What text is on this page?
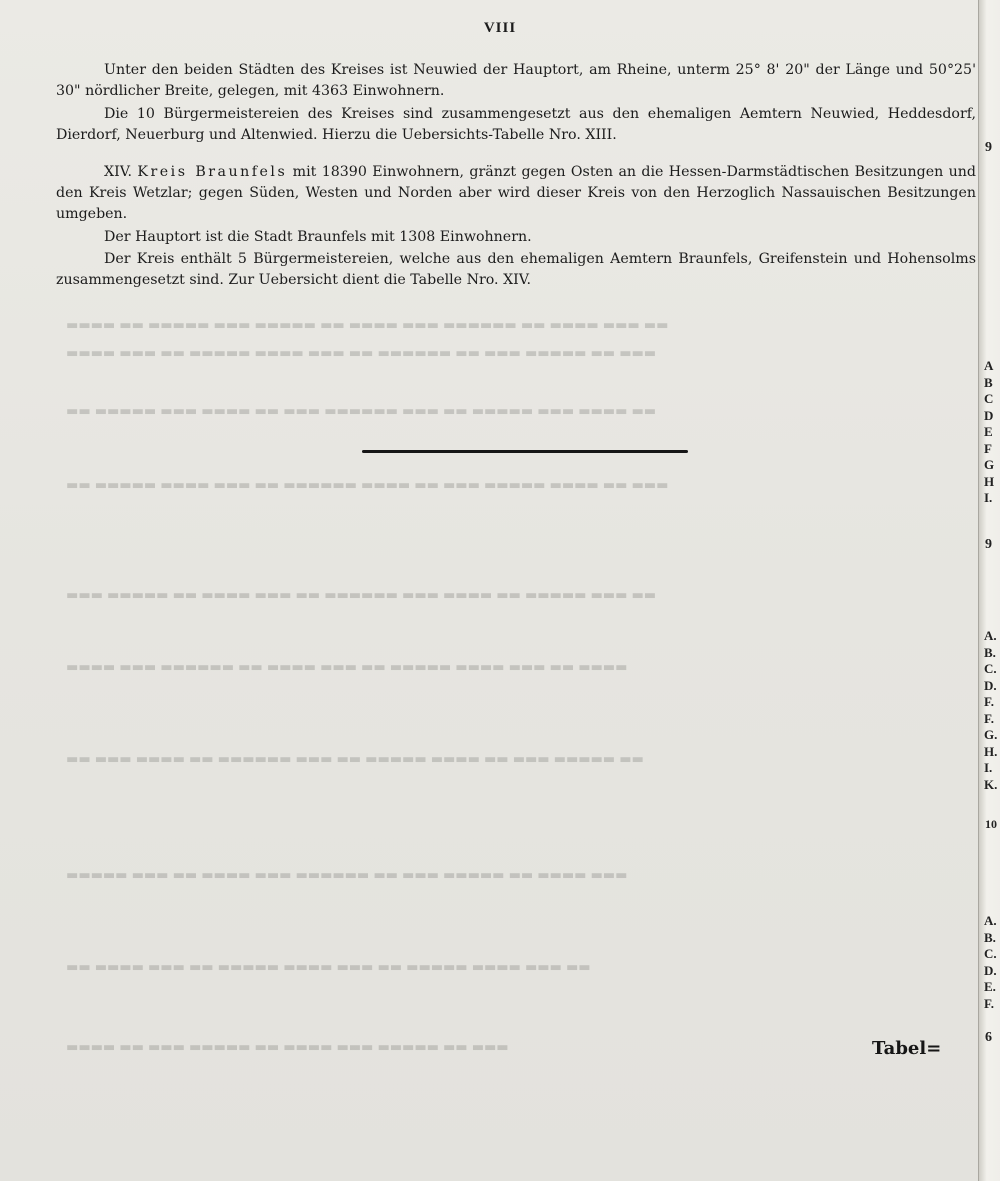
VIII

Unter den beiden Städten des Kreises ist Neuwied der Hauptort, am Rheine, unterm 25° 8' 20" der Länge und 50°25' 30" nördlicher Breite, gelegen, mit 4363 Einwohnern.

Die 10 Bürgermeistereien des Kreises sind zusammengesetzt aus den ehemaligen Aemtern Neuwied, Heddesdorf, Dierdorf, Neuerburg und Altenwied. Hierzu die Uebersichts-Tabelle Nro. XIII.

XIV. Kreis Braunfels mit 18390 Einwohnern, gränzt gegen Osten an die Hessen-Darmstädtischen Besitzungen und den Kreis Wetzlar; gegen Süden, Westen und Norden aber wird dieser Kreis von den Herzoglich Nassauischen Besitzungen umgeben.

Der Hauptort ist die Stadt Braunfels mit 1308 Einwohnern.

Der Kreis enthält 5 Bürgermeistereien, welche aus den ehemaligen Aemtern Braunfels, Greifenstein und Hohensolms zusammengesetzt sind. Zur Uebersicht dient die Tabelle Nro. XIV.

▬▬ ▬▬▬ ▬▬▬▬ ▬▬ ▬▬▬▬▬▬ ▬▬▬ ▬▬▬▬ ▬▬ ▬▬▬▬▬ ▬▬▬ ▬▬▬▬▬ ▬▬ ▬▬▬▬
▬▬▬ ▬▬ ▬▬▬▬▬ ▬▬▬ ▬▬ ▬▬▬▬▬▬ ▬▬ ▬▬▬ ▬▬▬▬ ▬▬▬▬▬ ▬▬ ▬▬▬ ▬▬▬▬
▬▬ ▬▬▬▬ ▬▬▬ ▬▬▬▬▬ ▬▬ ▬▬▬ ▬▬▬▬▬▬ ▬▬▬ ▬▬ ▬▬▬▬ ▬▬▬ ▬▬▬▬▬ ▬▬
▬▬▬ ▬▬ ▬▬▬▬ ▬▬▬▬▬ ▬▬▬ ▬▬ ▬▬▬▬ ▬▬▬▬▬▬ ▬▬ ▬▬▬ ▬▬▬▬ ▬▬▬▬▬ ▬▬
▬▬ ▬▬▬ ▬▬▬▬▬ ▬▬ ▬▬▬▬ ▬▬▬ ▬▬▬▬▬▬ ▬▬ ▬▬▬ ▬▬▬▬ ▬▬ ▬▬▬▬▬ ▬▬▬
▬▬▬▬ ▬▬ ▬▬▬ ▬▬▬▬ ▬▬▬▬▬ ▬▬ ▬▬▬ ▬▬▬▬ ▬▬ ▬▬▬▬▬▬ ▬▬▬ ▬▬▬▬
▬▬ ▬▬▬▬▬ ▬▬▬ ▬▬ ▬▬▬▬ ▬▬▬▬▬ ▬▬ ▬▬▬ ▬▬▬▬▬▬ ▬▬ ▬▬▬▬ ▬▬▬ ▬▬
▬▬▬ ▬▬▬▬ ▬▬ ▬▬▬▬▬ ▬▬▬ ▬▬ ▬▬▬▬▬▬ ▬▬▬ ▬▬▬▬ ▬▬ ▬▬▬ ▬▬▬▬▬
▬▬ ▬▬▬ ▬▬▬▬ ▬▬▬▬▬ ▬▬ ▬▬▬ ▬▬▬▬ ▬▬▬▬▬ ▬▬ ▬▬▬ ▬▬▬▬ ▬▬
▬▬▬ ▬▬ ▬▬▬▬▬ ▬▬▬ ▬▬▬▬ ▬▬ ▬▬▬▬▬ ▬▬▬ ▬▬ ▬▬▬▬	Tabel=
9
A
B
C
D
E
F
G
H
I.
9
A.
B.
C.
D.
F.
F.
G.
H.
I.
K.
10
A.
B.
C.
D.
E.
F.
6
